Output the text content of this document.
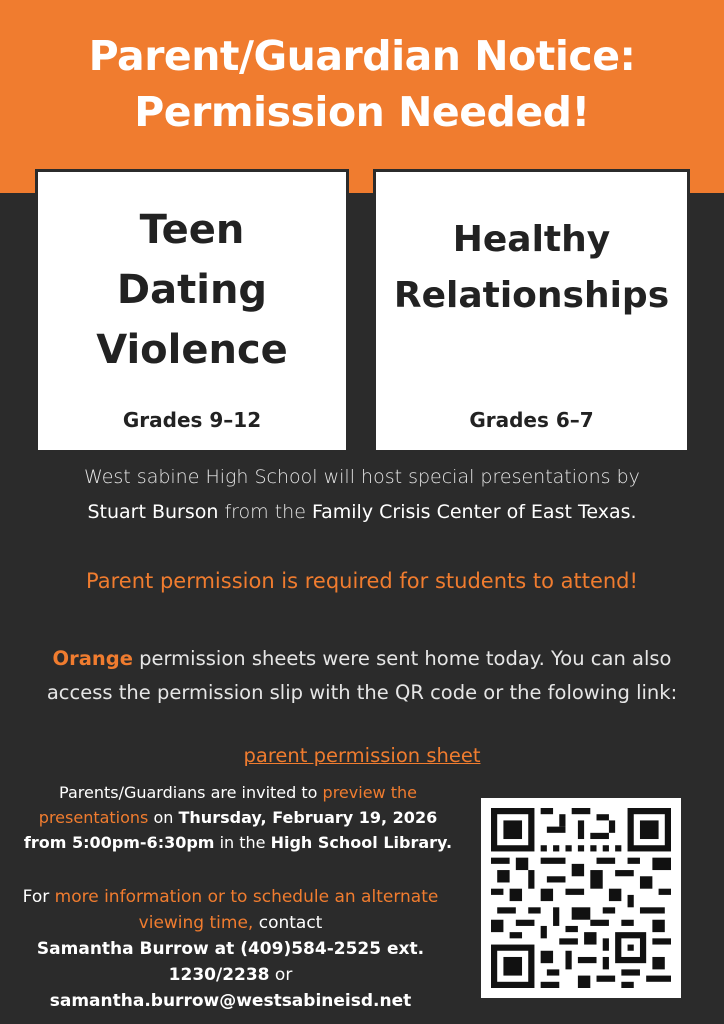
Parent/Guardian Notice:
Permission Needed!
Teen
Dating
Violence
Grades 9–12
Healthy
Relationships
Grades 6–7
West sabine High School will host special presentations by
Stuart Burson from the Family Crisis Center of East Texas.
Parent permission is required for students to attend!
Orange permission sheets were sent home today. You can also access the permission slip with the QR code or the folowing link:
parent permission sheet
Parents/Guardians are invited to preview the presentations on Thursday, February 19, 2026 from 5:00pm-6:30pm in the High School Library.
For more information or to schedule an alternate viewing time, contact
Samantha Burrow at (409)584-2525 ext. 1230/2238 or
samantha.burrow@westsabineisd.net
